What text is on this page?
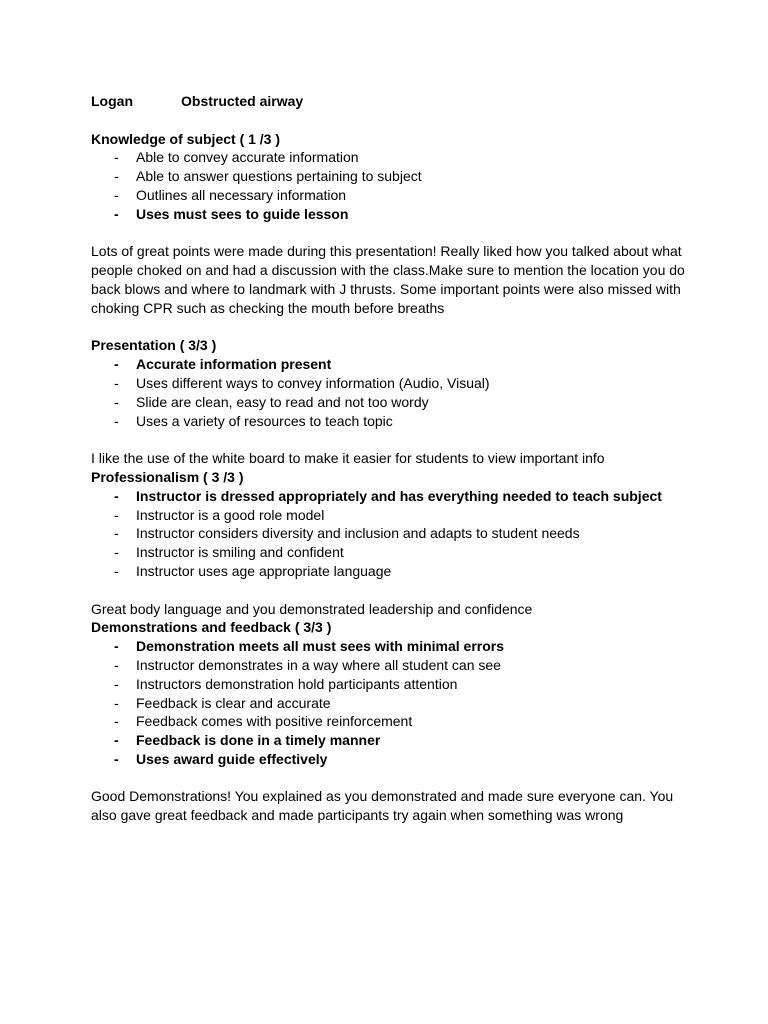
Logan	Obstructed airway
Knowledge of subject ( 1 /3 )
-	Able to convey accurate information
-	Able to answer questions pertaining to subject
-	Outlines all necessary information
-	Uses must sees to guide lesson
Lots of great points were made during this presentation! Really liked how you talked about what
people choked on and had a discussion with the class.Make sure to mention the location you do
back blows and where to landmark with J thrusts. Some important points were also missed with
choking CPR such as checking the mouth before breaths
Presentation ( 3/3 )
-	Accurate information present
-	Uses different ways to convey information (Audio, Visual)
-	Slide are clean, easy to read and not too wordy
-	Uses a variety of resources to teach topic
I like the use of the white board to make it easier for students to view important info
Professionalism ( 3 /3 )
-	Instructor is dressed appropriately and has everything needed to teach subject
-	Instructor is a good role model
-	Instructor considers diversity and inclusion and adapts to student needs
-	Instructor is smiling and confident
-	Instructor uses age appropriate language
Great body language and you demonstrated leadership and confidence
Demonstrations and feedback ( 3/3 )
-	Demonstration meets all must sees with minimal errors
-	Instructor demonstrates in a way where all student can see
-	Instructors demonstration hold participants attention
-	Feedback is clear and accurate
-	Feedback comes with positive reinforcement
-	Feedback is done in a timely manner
-	Uses award guide effectively
Good Demonstrations! You explained as you demonstrated and made sure everyone can. You
also gave great feedback and made participants try again when something was wrong
